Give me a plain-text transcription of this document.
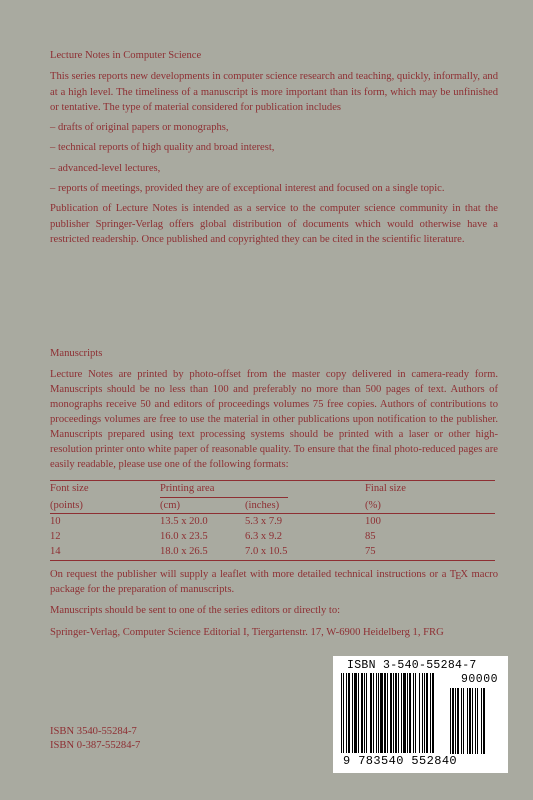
Lecture Notes in Computer Science

This series reports new developments in computer science research and teaching, quickly, informally, and at a high level. The timeliness of a manuscript is more important than its form, which may be unfinished or tentative. The type of material considered for publication includes

– drafts of original papers or monographs,

– technical reports of high quality and broad interest,

– advanced-level lectures,

– reports of meetings, provided they are of exceptional interest and focused on a single topic.

Publication of Lecture Notes is intended as a service to the computer science community in that the publisher Springer-Verlag offers global distribution of documents which would otherwise have a restricted readership. Once published and copyrighted they can be cited in the scientific literature.

Manuscripts

Lecture Notes are printed by photo-offset from the master copy delivered in camera-ready form. Manuscripts should be no less than 100 and preferably no more than 500 pages of text. Authors of monographs receive 50 and editors of proceedings volumes 75 free copies. Authors of contributions to proceedings volumes are free to use the material in other publications upon notification to the publisher. Manuscripts prepared using text processing systems should be printed with a laser or other high-resolution printer onto white paper of reasonable quality. To ensure that the final photo-reduced pages are easily readable, please use one of the following formats:

Font size	Printing area		Final size
(points)	(cm)	(inches)	(%)
10	13.5 x 20.0	5.3 x 7.9	100
12	16.0 x 23.5	6.3 x 9.2	85
14	18.0 x 26.5	7.0 x 10.5	75

On request the publisher will supply a leaflet with more detailed technical instructions or a TEX macro package for the preparation of manuscripts.

Manuscripts should be sent to one of the series editors or directly to:

Springer-Verlag, Computer Science Editorial I, Tiergartenstr. 17, W-6900 Heidelberg 1, FRG

ISBN 3540-55284-7
ISBN 0-387-55284-7
ISBN 3-540-55284-7
90000
9 783540 552840
